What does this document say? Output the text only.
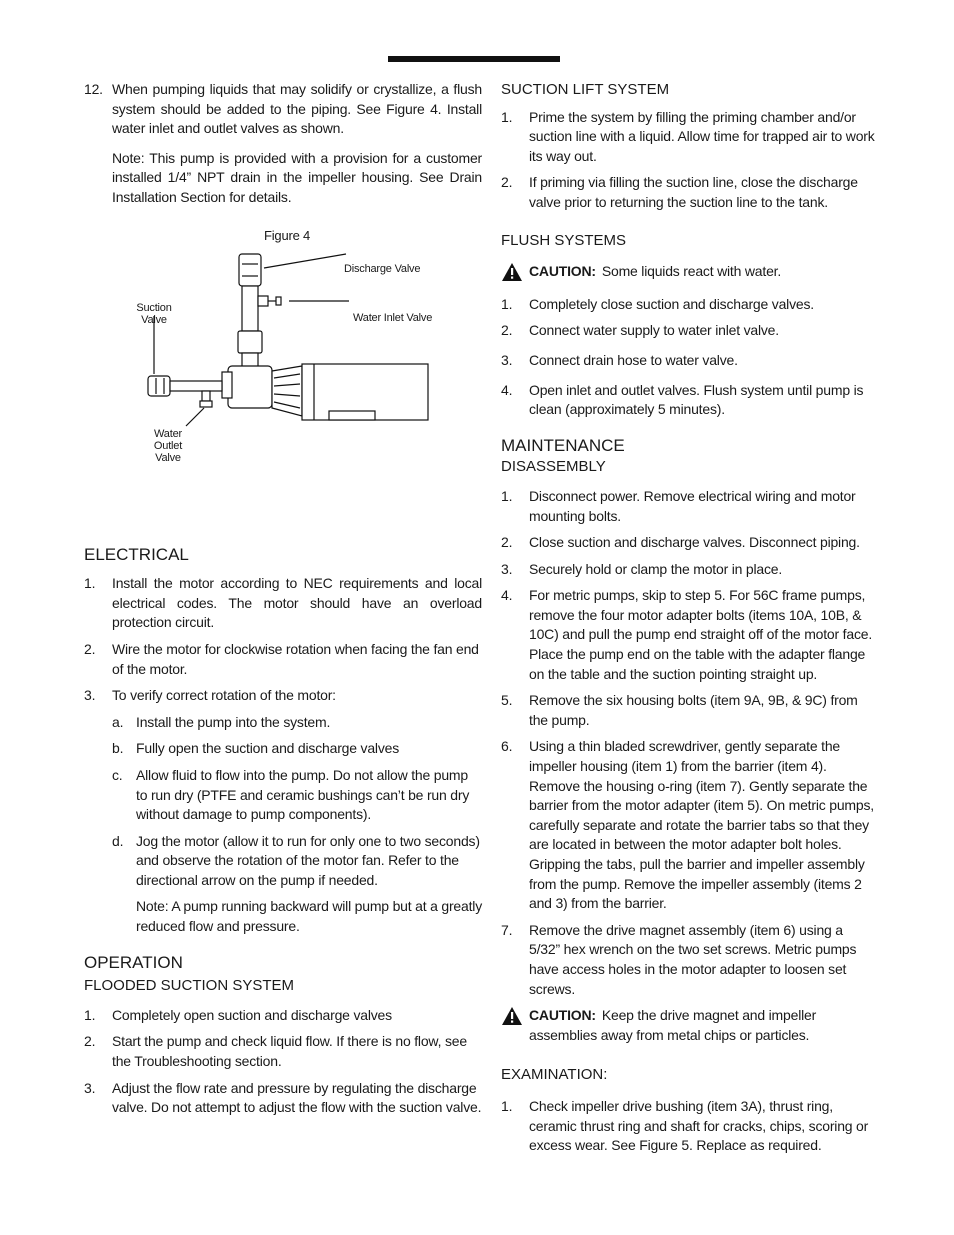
12. When pumping liquids that may solidify or crystallize, a flush system should be added to the piping. See Figure 4. Install water inlet and outlet valves as shown.
Note: This pump is provided with a provision for a customer installed 1/4” NPT drain in the impeller housing. See Drain Installation Section for details.
Figure 4
Discharge Valve
Water Inlet Valve
Suction Valve
Water Outlet Valve
ELECTRICAL
1.	Install the motor according to NEC requirements and local electrical codes. The motor should have an overload protection circuit.
2.	Wire the motor for clockwise rotation when facing the fan end of the motor.
3.	To verify correct rotation of the motor:
a. Install the pump into the system.
b. Fully open the suction and discharge valves
c. Allow fluid to flow into the pump. Do not allow the pump to run dry (PTFE and ceramic bushings can’t be run dry without damage to pump components).
d. Jog the motor (allow it to run for only one to two seconds) and observe the rotation of the motor fan. Refer to the directional arrow on the pump if needed.
Note: A pump running backward will pump but at a greatly reduced flow and pressure.
OPERATION
FLOODED SUCTION SYSTEM
1.	Completely open suction and discharge valves
2.	Start the pump and check liquid flow. If there is no flow, see the Troubleshooting section.
3.	Adjust the flow rate and pressure by regulating the discharge valve. Do not attempt to adjust the flow with the suction valve.
SUCTION LIFT SYSTEM
1.	Prime the system by filling the priming chamber and/or suction line with a liquid. Allow time for trapped air to work its way out.
2.	If priming via filling the suction line, close the discharge valve prior to returning the suction line to the tank.
FLUSH SYSTEMS
CAUTION: Some liquids react with water.
1.	Completely close suction and discharge valves.
2.	Connect water supply to water inlet valve.
3.	Connect drain hose to water valve.
4.	Open inlet and outlet valves. Flush system until pump is clean (approximately 5 minutes).
MAINTENANCE
DISASSEMBLY
1.	Disconnect power. Remove electrical wiring and motor mounting bolts.
2.	Close suction and discharge valves. Disconnect piping.
3.	Securely hold or clamp the motor in place.
4.	For metric pumps, skip to step 5. For 56C frame pumps, remove the four motor adapter bolts (items 10A, 10B, & 10C) and pull the pump end straight off of the motor face. Place the pump end on the table with the adapter flange on the table and the suction pointing straight up.
5.	Remove the six housing bolts (item 9A, 9B, & 9C) from the pump.
6.	Using a thin bladed screwdriver, gently separate the impeller housing (item 1) from the barrier (item 4). Remove the housing o-ring (item 7). Gently separate the barrier from the motor adapter (item 5). On metric pumps, carefully separate and rotate the barrier tabs so that they are located in between the motor adapter bolt holes. Gripping the tabs, pull the barrier and impeller assembly from the pump. Remove the impeller assembly (items 2 and 3) from the barrier.
7.	Remove the drive magnet assembly (item 6) using a 5/32” hex wrench on the two set screws. Metric pumps have access holes in the motor adapter to loosen set screws.
CAUTION: Keep the drive magnet and impeller assemblies away from metal chips or particles.
EXAMINATION:
1.	Check impeller drive bushing (item 3A), thrust ring, ceramic thrust ring and shaft for cracks, chips, scoring or excess wear. See Figure 5. Replace as required.
